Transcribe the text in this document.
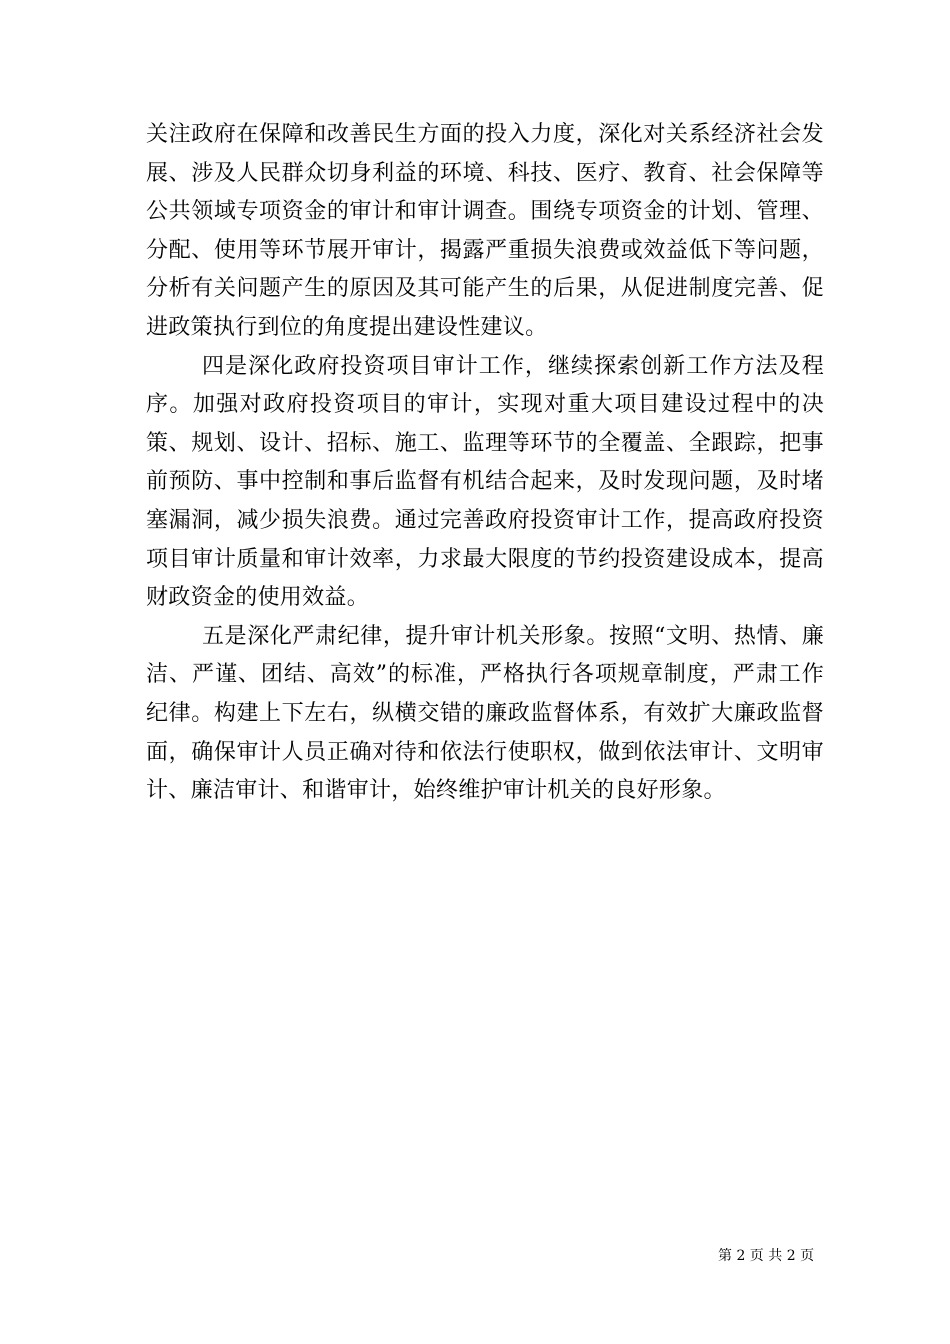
关注政府在保障和改善民生方面的投入力度，深化对关系经济社会发展、涉及人民群众切身利益的环境、科技、医疗、教育、社会保障等公共领域专项资金的审计和审计调查。围绕专项资金的计划、管理、分配、使用等环节展开审计，揭露严重损失浪费或效益低下等问题，分析有关问题产生的原因及其可能产生的后果，从促进制度完善、促进政策执行到位的角度提出建设性建议。

四是深化政府投资项目审计工作，继续探索创新工作方法及程序。加强对政府投资项目的审计，实现对重大项目建设过程中的决策、规划、设计、招标、施工、监理等环节的全覆盖、全跟踪，把事前预防、事中控制和事后监督有机结合起来，及时发现问题，及时堵塞漏洞，减少损失浪费。通过完善政府投资审计工作，提高政府投资项目审计质量和审计效率，力求最大限度的节约投资建设成本，提高财政资金的使用效益。

五是深化严肃纪律，提升审计机关形象。按照“文明、热情、廉洁、严谨、团结、高效”的标准，严格执行各项规章制度，严肃工作纪律。构建上下左右，纵横交错的廉政监督体系，有效扩大廉政监督面，确保审计人员正确对待和依法行使职权，做到依法审计、文明审计、廉洁审计、和谐审计，始终维护审计机关的良好形象。

第 2 页 共 2 页
